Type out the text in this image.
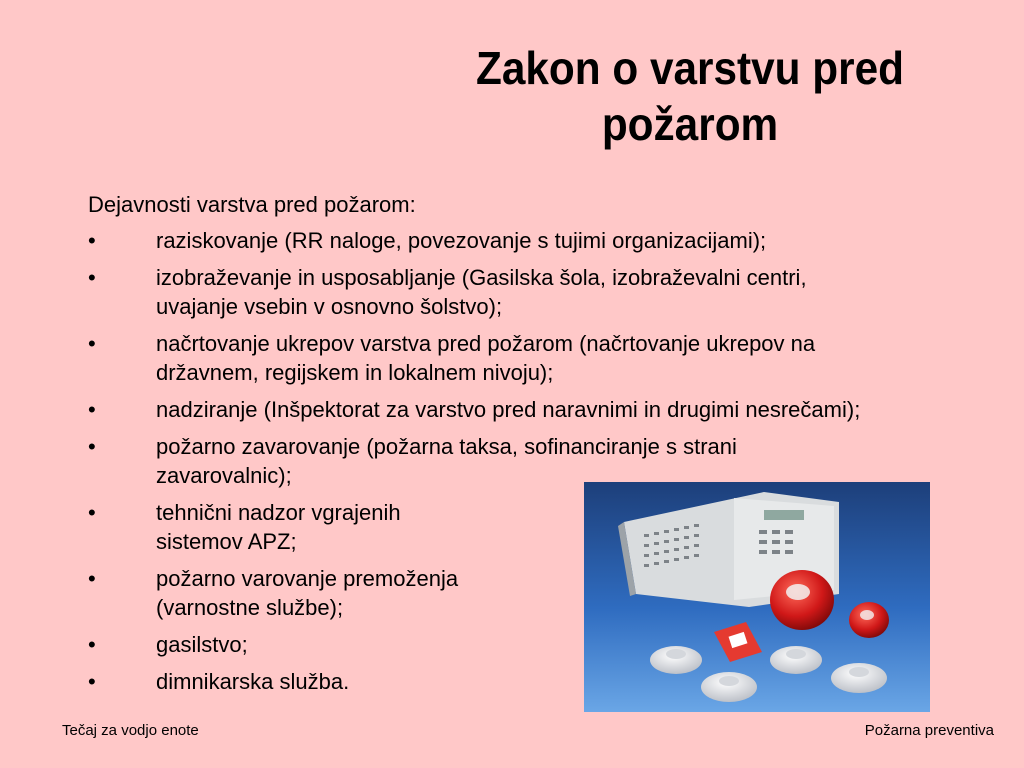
Zakon o varstvu pred
požarom
Dejavnosti varstva pred požarom:
•	raziskovanje (RR naloge, povezovanje s tujimi organizacijami);
•	izobraževanje in usposabljanje (Gasilska šola, izobraževalni centri,
uvajanje vsebin v osnovno šolstvo);
•	načrtovanje ukrepov varstva pred požarom (načrtovanje ukrepov na
državnem, regijskem in lokalnem nivoju);
•	nadziranje (Inšpektorat za varstvo pred naravnimi in drugimi nesrečami);
•	požarno zavarovanje (požarna taksa, sofinanciranje s strani
zavarovalnic);
•	tehnični nadzor vgrajenih
sistemov APZ;
•	požarno varovanje premoženja
(varnostne službe);
•	gasilstvo;
•	dimnikarska služba.
Tečaj za vodjo enote	Požarna preventiva
